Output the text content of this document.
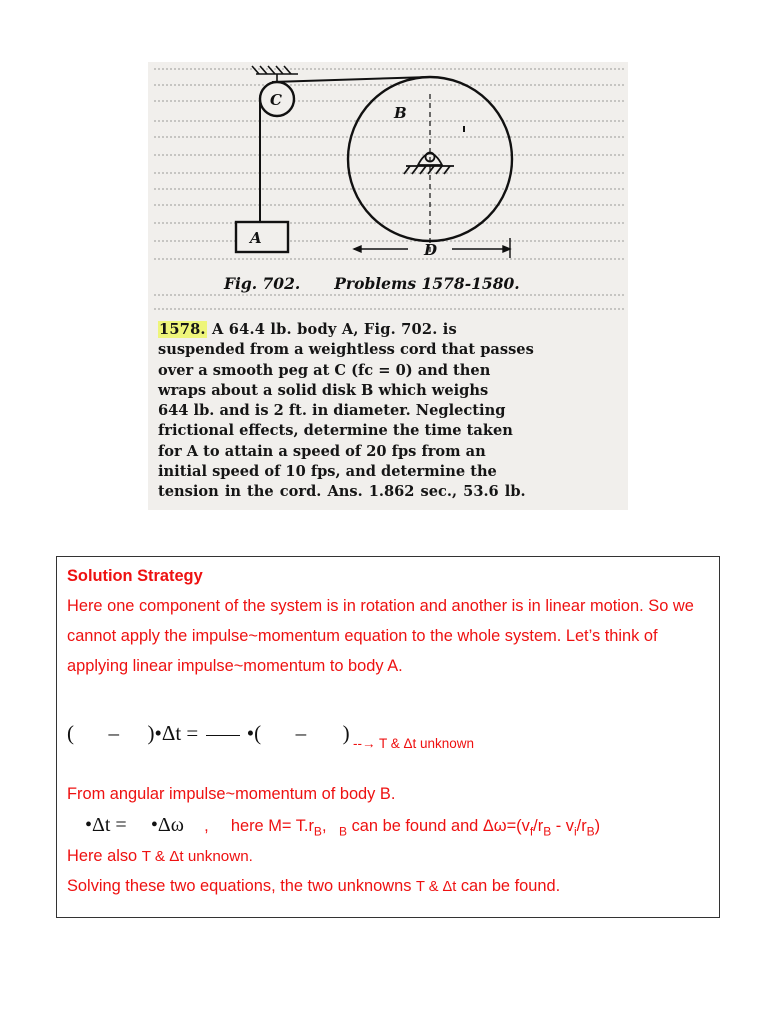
C
B
A
D
Fig. 702. Problems 1578-1580.

1578. A 64.4 lb. body A, Fig. 702. is

suspended from a weightless cord that passes

over a smooth peg at C (fc = 0) and then

wraps about a solid disk B which weighs

644 lb. and is 2 ft. in diameter. Neglecting

frictional effects, determine the time taken

for A to attain a speed of 20 fps from an

initial speed of 10 fps, and determine the

tension in the cord. Ans. 1.862 sec., 53.6 lb.

Solution Strategy

Here one component of the system is in rotation and another is in linear motion. So we cannot apply the impulse~momentum equation to the whole system. Let’s think of applying linear impulse~momentum to body A.

( – )•Δt = •( – ) --→ T & Δt unknown
From angular impulse~momentum of body B.
•Δt = •Δω , here $M= T.r_B$, $_B$ can be found and $\Delta\omega=(v_f/r_B - v_i/r_B)$
Here also T & Δt unknown.
Solving these two equations, the two unknowns T & Δt can be found.
